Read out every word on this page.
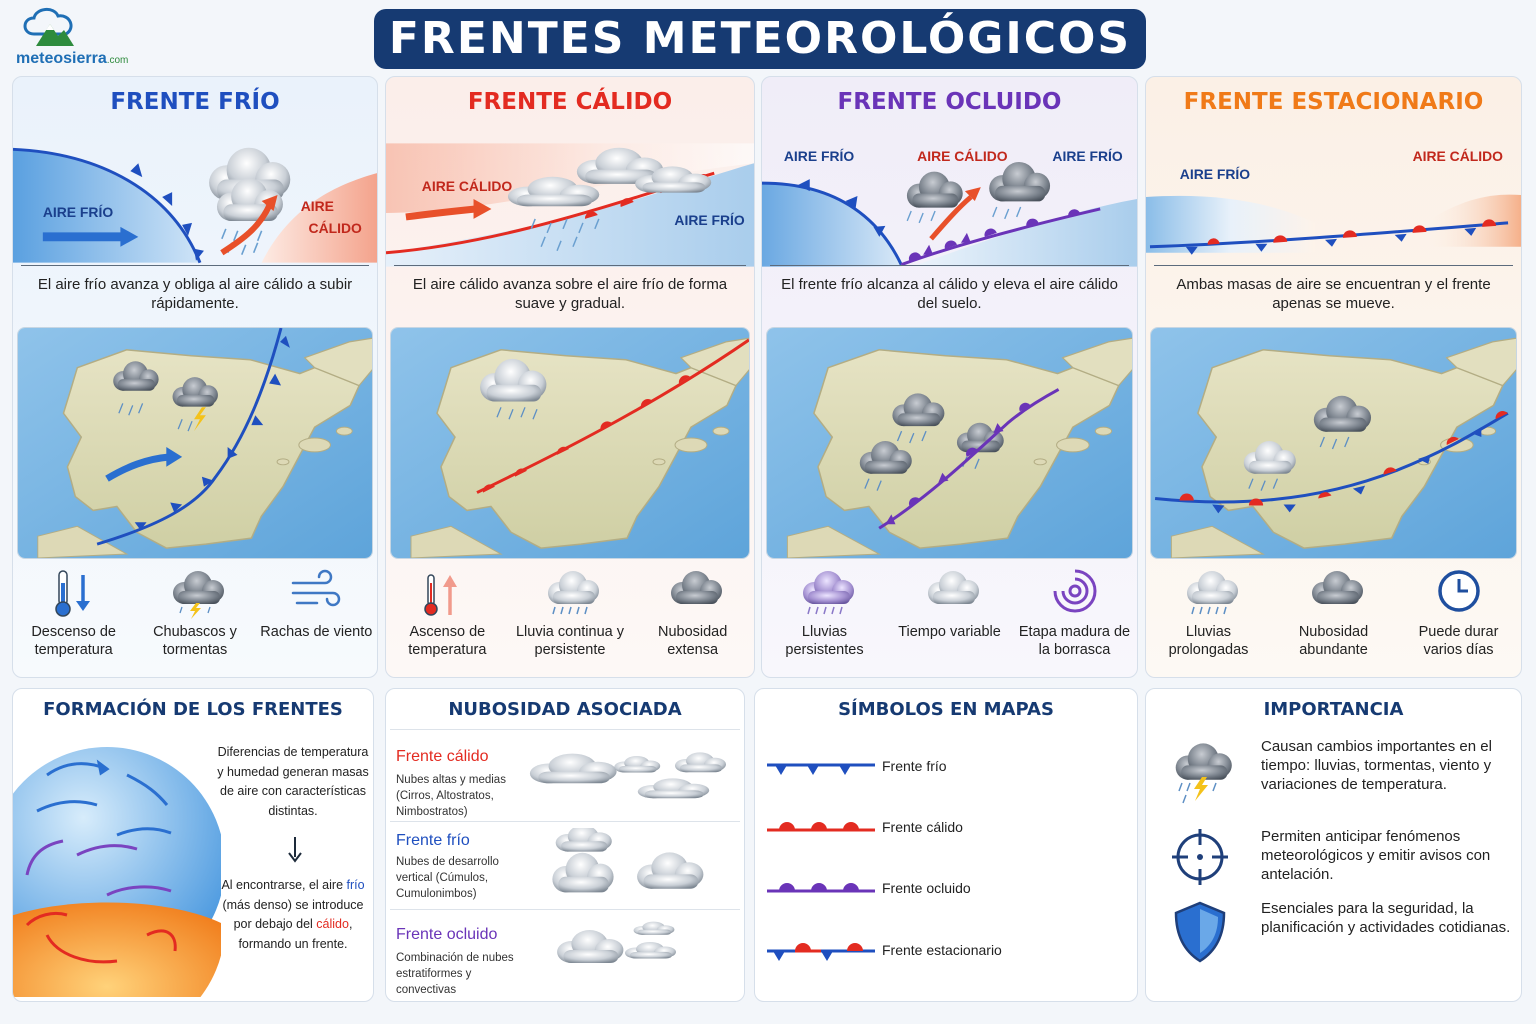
meteosierra.com	FRENTES METEOROLÓGICOS
FRENTE FRÍO
AIRE FRÍO	AIRE
CÁLIDO
El aire frío avanza y obliga al aire cálido a subir rápidamente.
Descenso de temperatura
Chubascos y tormentas
Rachas de viento
FRENTE CÁLIDO
AIRE CÁLIDO
AIRE FRÍO
El aire cálido avanza sobre el aire frío de forma suave y gradual.
Ascenso de temperatura
Lluvia continua y persistente
Nubosidad extensa
FRENTE OCLUIDO
AIRE FRÍO	AIRE CÁLIDO	AIRE FRÍO
El frente frío alcanza al cálido y eleva el aire cálido del suelo.
Lluvias persistentes
Tiempo variable	Etapa madura de la borrasca
FRENTE ESTACIONARIO
AIRE FRÍO
AIRE CÁLIDO
Ambas masas de aire se encuentran y el frente apenas se mueve.
Lluvias prolongadas
Nubosidad abundante
Puede durar varios días
FORMACIÓN DE LOS FRENTES
Diferencias de temperatura y humedad generan masas de aire con características distintas.
Al encontrarse, el aire frío (más denso) se introduce por debajo del cálido, formando un frente.
NUBOSIDAD ASOCIADA
Frente cálido
Nubes altas y medias (Cirros, Altostratos, Nimbostratos)
Frente frío
Nubes de desarrollo vertical (Cúmulos, Cumulonimbos)
Frente ocluido
Combinación de nubes estratiformes y convectivas
SÍMBOLOS EN MAPAS
Frente frío
Frente cálido
Frente ocluido
Frente estacionario
IMPORTANCIA
Causan cambios importantes en el tiempo: lluvias, tormentas, viento y variaciones de temperatura.
Permiten anticipar fenómenos meteorológicos y emitir avisos con antelación.
Esenciales para la seguridad, la planificación y actividades cotidianas.
